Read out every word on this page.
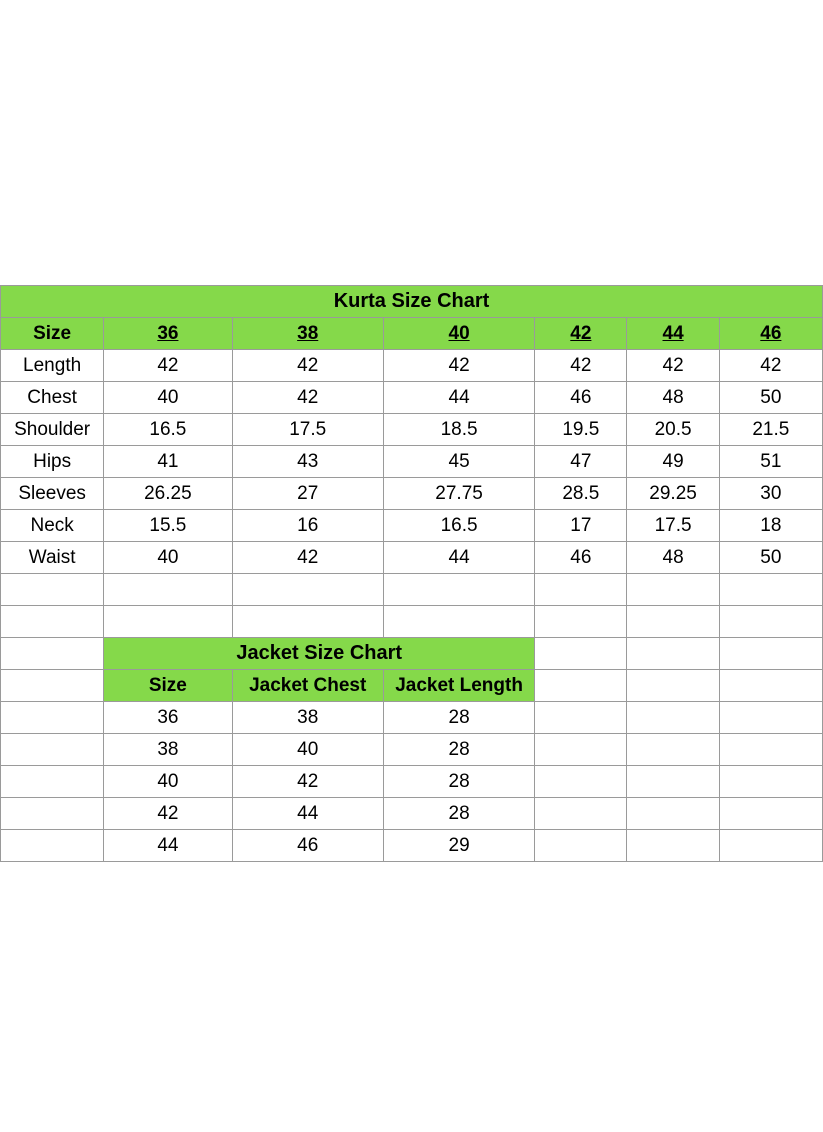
Kurta Size Chart						
Size	36	38	40	42	44	46
Length	42	42	42	42	42	42
Chest	40	42	44	46	48	50
Shoulder	16.5	17.5	18.5	19.5	20.5	21.5
Hips	41	43	45	47	49	51
Sleeves	26.25	27	27.75	28.5	29.25	30
Neck	15.5	16	16.5	17	17.5	18
Waist	40	42	44	46	48	50

	Jacket Size Chart					
	Size	Jacket Chest	Jacket Length			
	36	38	28			
	38	40	28			
	40	42	28			
	42	44	28			
	44	46	29			
